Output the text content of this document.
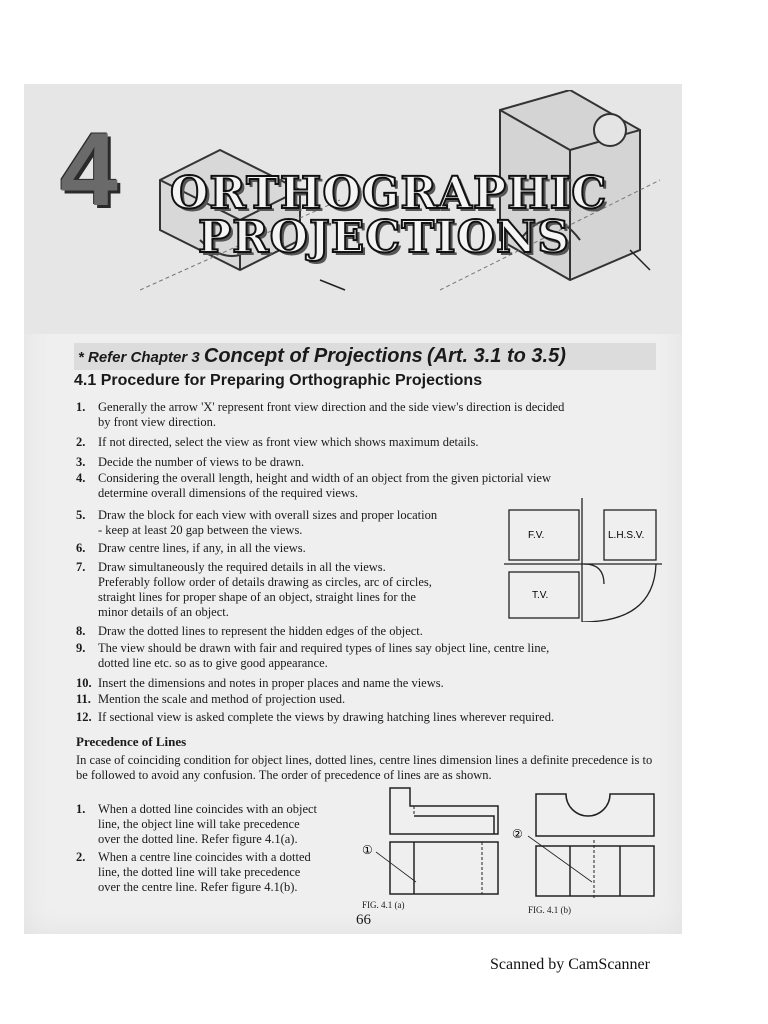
4 ORTHOGRAPHIC
PROJECTIONS
* Refer Chapter 3 Concept of Projections (Art. 3.1 to 3.5)
4.1 Procedure for Preparing Orthographic Projections
1. Generally the arrow 'X' represent front view direction and the side view's direction is decided
by front view direction.
2. If not directed, select the view as front view which shows maximum details.
3. Decide the number of views to be drawn.
4. Considering the overall length, height and width of an object from the given pictorial view
determine overall dimensions of the required views.
5. Draw the block for each view with overall sizes and proper location
- keep at least 20 gap between the views.
6. Draw centre lines, if any, in all the views.
7. Draw simultaneously the required details in all the views.
Preferably follow order of details drawing as circles, arc of circles,
straight lines for proper shape of an object, straight lines for the
minor details of an object.
8. Draw the dotted lines to represent the hidden edges of the object.
9. The view should be drawn with fair and required types of lines say object line, centre line,
dotted line etc. so as to give good appearance.
10. Insert the dimensions and notes in proper places and name the views.
11. Mention the scale and method of projection used.
12. If sectional view is asked complete the views by drawing hatching lines wherever required.
F.V.	L.H.S.V.
T.V.
Precedence of Lines
In case of coinciding condition for object lines, dotted lines, centre lines dimension lines a definite precedence is to be followed to avoid any confusion. The order of precedence of lines are as shown.
1. When a dotted line coincides with an object
line, the object line will take precedence
over the dotted line. Refer figure 4.1(a).
2. When a centre line coincides with a dotted
line, the dotted line will take precedence
over the centre line. Refer figure 4.1(b).
①
FIG. 4.1 (a)
②
FIG. 4.1 (b)
66
Scanned by CamScanner
